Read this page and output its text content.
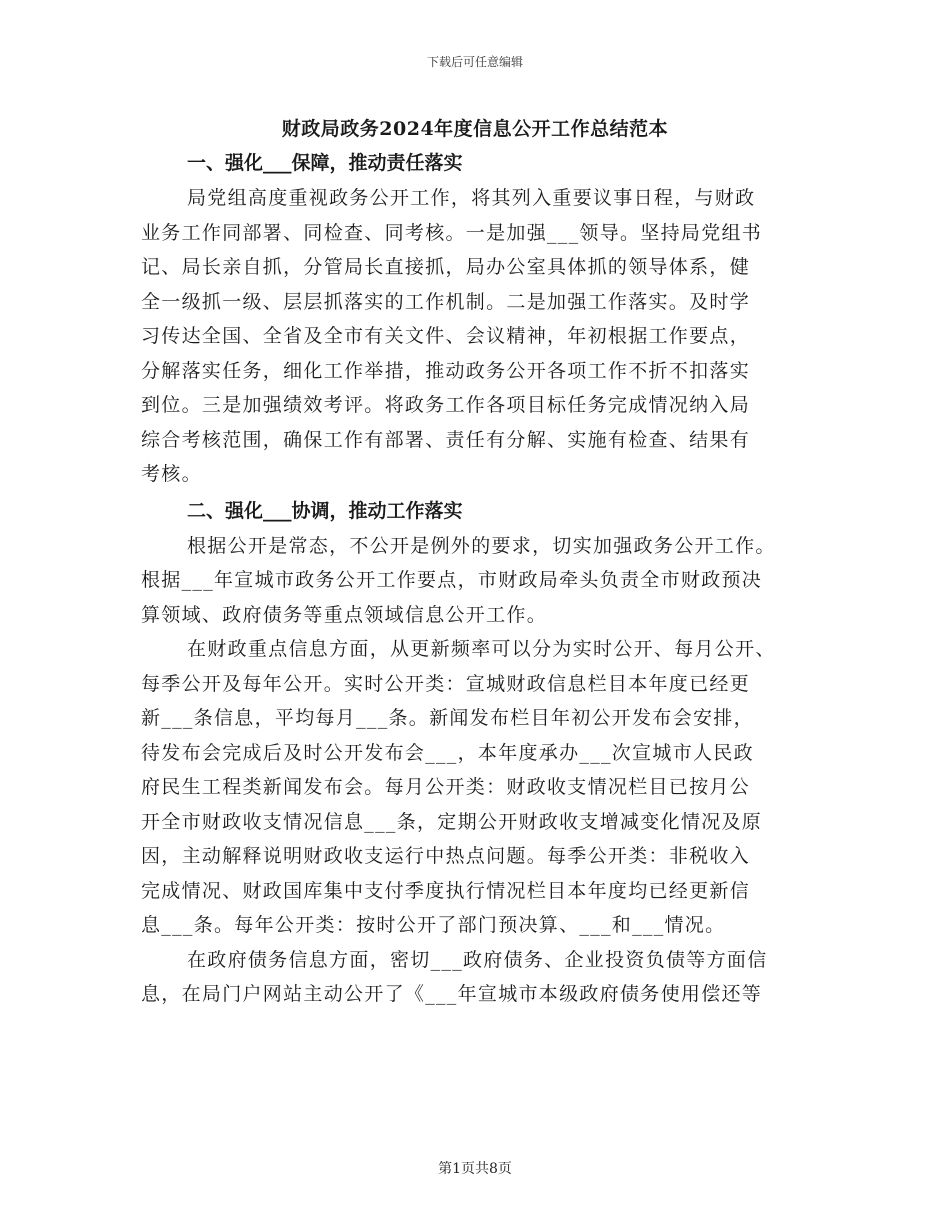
下载后可任意编辑
财政局政务2024年度信息公开工作总结范本
一、强化___保障，推动责任落实
局党组高度重视政务公开工作，将其列入重要议事日程，与财政
业务工作同部署、同检查、同考核。一是加强___领导。坚持局党组书
记、局长亲自抓，分管局长直接抓，局办公室具体抓的领导体系，健
全一级抓一级、层层抓落实的工作机制。二是加强工作落实。及时学
习传达全国、全省及全市有关文件、会议精神，年初根据工作要点，
分解落实任务，细化工作举措，推动政务公开各项工作不折不扣落实
到位。三是加强绩效考评。将政务工作各项目标任务完成情况纳入局
综合考核范围，确保工作有部署、责任有分解、实施有检查、结果有
考核。
二、强化___协调，推动工作落实
根据公开是常态，不公开是例外的要求，切实加强政务公开工作。
根据___年宣城市政务公开工作要点，市财政局牵头负责全市财政预决
算领域、政府债务等重点领域信息公开工作。
在财政重点信息方面，从更新频率可以分为实时公开、每月公开、
每季公开及每年公开。实时公开类：宣城财政信息栏目本年度已经更
新___条信息，平均每月___条。新闻发布栏目年初公开发布会安排，
待发布会完成后及时公开发布会___，本年度承办___次宣城市人民政
府民生工程类新闻发布会。每月公开类：财政收支情况栏目已按月公
开全市财政收支情况信息___条，定期公开财政收支增减变化情况及原
因，主动解释说明财政收支运行中热点问题。每季公开类：非税收入
完成情况、财政国库集中支付季度执行情况栏目本年度均已经更新信
息___条。每年公开类：按时公开了部门预决算、___和___情况。
在政府债务信息方面，密切___政府债务、企业投资负债等方面信
息，在局门户网站主动公开了《___年宣城市本级政府债务使用偿还等
第1页共8页
